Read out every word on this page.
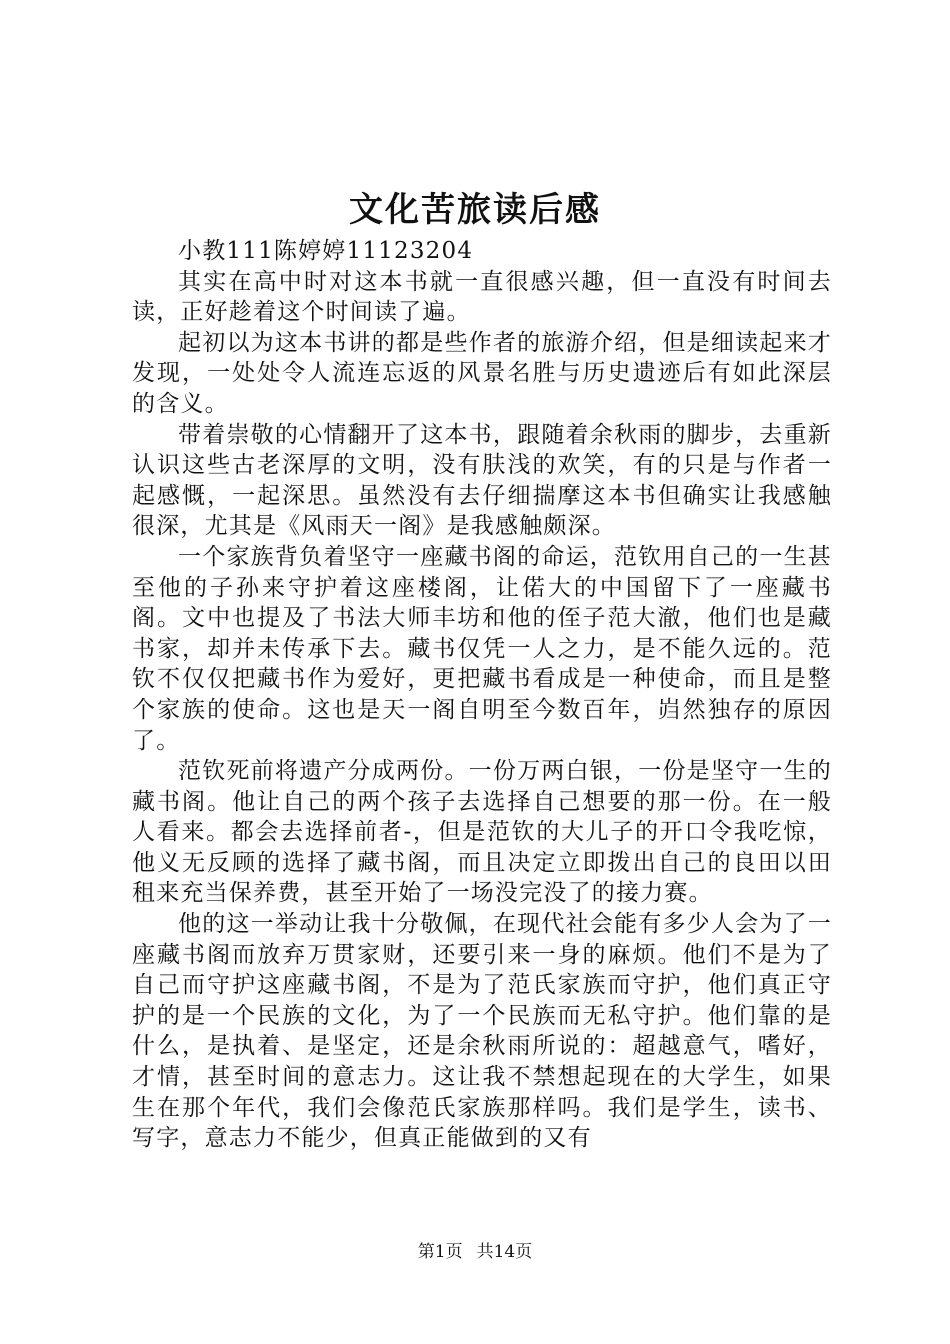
文化苦旅读后感

小教111陈婷婷11123204

其实在高中时对这本书就一直很感兴趣，但一直没有时间去读，正好趁着这个时间读了遍。

起初以为这本书讲的都是些作者的旅游介绍，但是细读起来才发现，一处处令人流连忘返的风景名胜与历史遗迹后有如此深层的含义。

带着崇敬的心情翻开了这本书，跟随着余秋雨的脚步，去重新认识这些古老深厚的文明，没有肤浅的欢笑，有的只是与作者一起感慨，一起深思。虽然没有去仔细揣摩这本书但确实让我感触很深，尤其是《风雨天一阁》是我感触颇深。

一个家族背负着坚守一座藏书阁的命运，范钦用自己的一生甚至他的子孙来守护着这座楼阁，让偌大的中国留下了一座藏书阁。文中也提及了书法大师丰坊和他的侄子范大澈，他们也是藏书家，却并未传承下去。藏书仅凭一人之力，是不能久远的。范钦不仅仅把藏书作为爱好，更把藏书看成是一种使命，而且是整个家族的使命。这也是天一阁自明至今数百年，岿然独存的原因了。

范钦死前将遗产分成两份。一份万两白银，一份是坚守一生的藏书阁。他让自己的两个孩子去选择自己想要的那一份。在一般人看来。都会去选择前者-，但是范钦的大儿子的开口令我吃惊，他义无反顾的选择了藏书阁，而且决定立即拨出自己的良田以田租来充当保养费，甚至开始了一场没完没了的接力赛。

他的这一举动让我十分敬佩，在现代社会能有多少人会为了一座藏书阁而放弃万贯家财，还要引来一身的麻烦。他们不是为了自己而守护这座藏书阁，不是为了范氏家族而守护，他们真正守护的是一个民族的文化，为了一个民族而无私守护。他们靠的是什么，是执着、是坚定，还是余秋雨所说的：超越意气，嗜好，才情，甚至时间的意志力。这让我不禁想起现在的大学生，如果生在那个年代，我们会像范氏家族那样吗。我们是学生，读书、写字，意志力不能少，但真正能做到的又有

第1页 共14页
